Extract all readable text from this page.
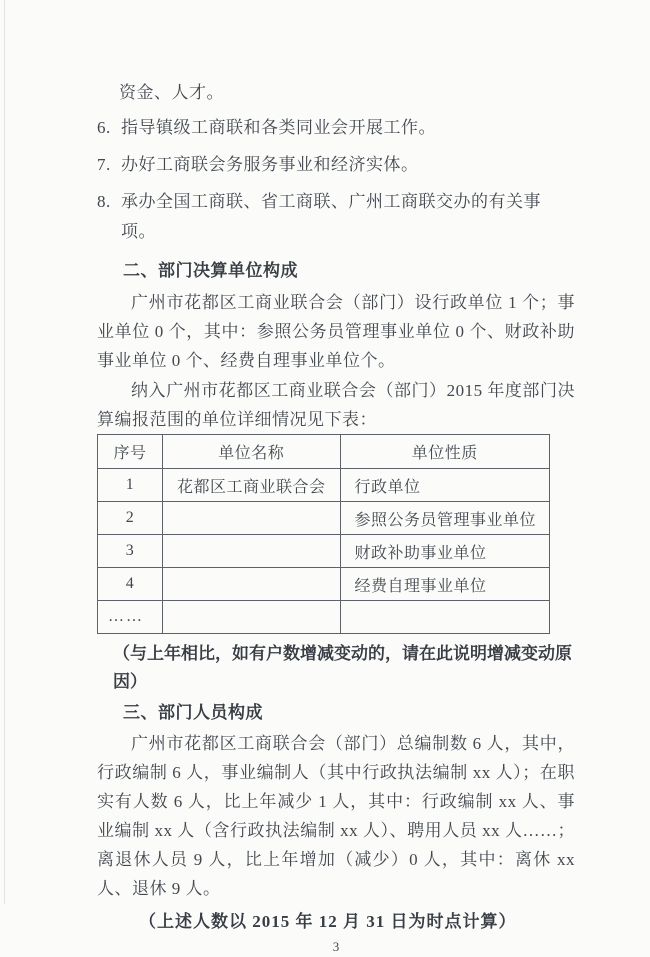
资金、人才。
6. 指导镇级工商联和各类同业会开展工作。
7. 办好工商联会务服务事业和经济实体。
8. 承办全国工商联、省工商联、广州工商联交办的有关事项。
二、部门决算单位构成
广州市花都区工商业联合会（部门）设行政单位 1 个；事业单位 0 个，其中：参照公务员管理事业单位 0 个、财政补助事业单位 0 个、经费自理事业单位个。
纳入广州市花都区工商业联合会（部门）2015 年度部门决算编报范围的单位详细情况见下表：
序号	单位名称	单位性质
1	花都区工商业联合会	行政单位
2		参照公务员管理事业单位
3		财政补助事业单位
4		经费自理事业单位
……		
（与上年相比，如有户数增减变动的，请在此说明增减变动原因）
三、部门人员构成
广州市花都区工商联合会（部门）总编制数 6 人，其中，行政编制 6 人，事业编制人（其中行政执法编制 xx 人）；在职实有人数 6 人，比上年减少 1 人，其中：行政编制 xx 人、事业编制 xx 人（含行政执法编制 xx 人）、聘用人员 xx 人……；离退休人员 9 人，比上年增加（减少）0 人，其中：离休 xx 人、退休 9 人。
（上述人数以 2015 年 12 月 31 日为时点计算）
3
